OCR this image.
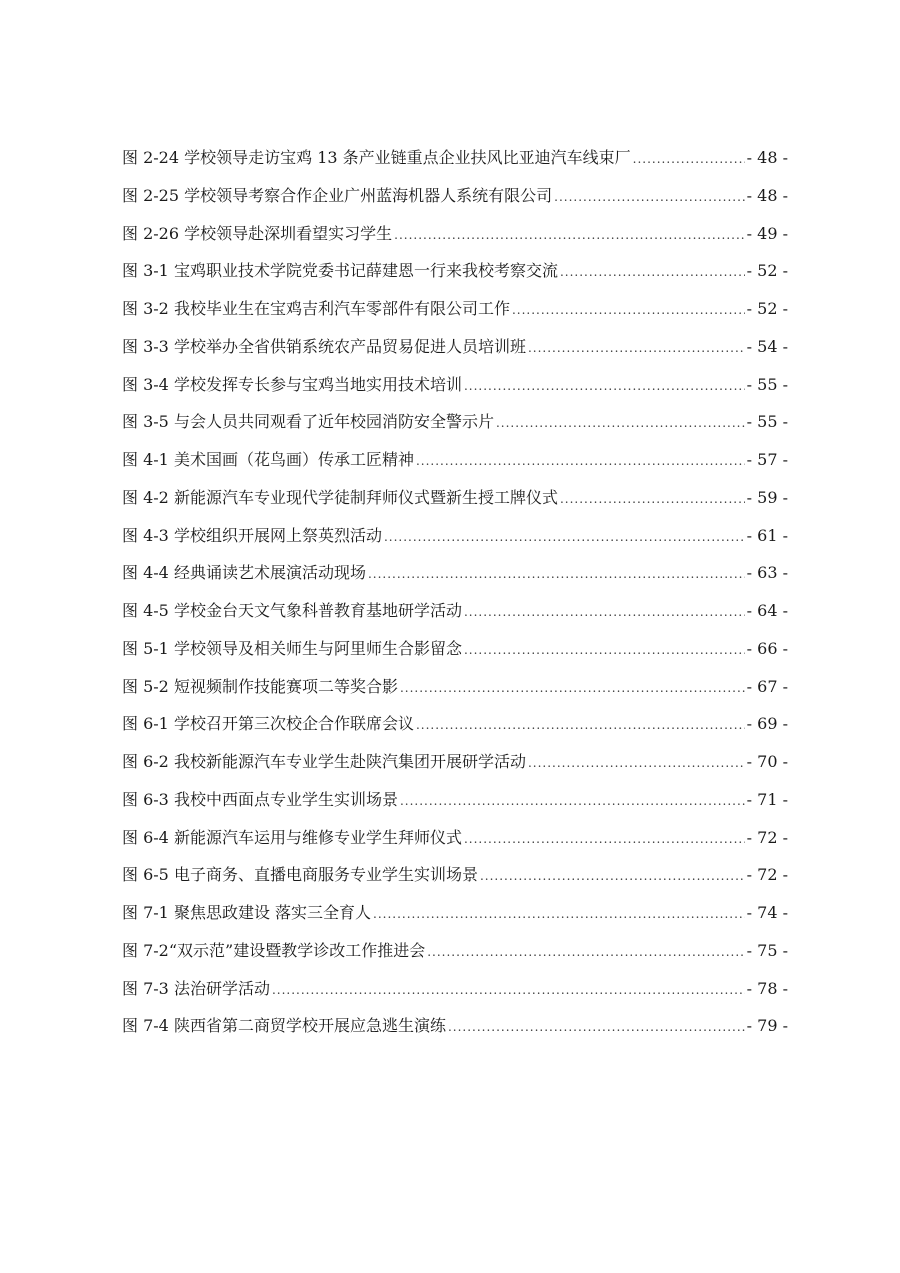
图 2-24 学校领导走访宝鸡 13 条产业链重点企业扶风比亚迪汽车线束厂 .....	- 48 -
图 2-25 学校领导考察合作企业广州蓝海机器人系统有限公司 .....	- 48 -
图 2-26 学校领导赴深圳看望实习学生 .....	- 49 -
图 3-1 宝鸡职业技术学院党委书记薛建恩一行来我校考察交流 .....	- 52 -
图 3-2 我校毕业生在宝鸡吉利汽车零部件有限公司工作 .....	- 52 -
图 3-3 学校举办全省供销系统农产品贸易促进人员培训班 .....	- 54 -
图 3-4 学校发挥专长参与宝鸡当地实用技术培训 .....	- 55 -
图 3-5 与会人员共同观看了近年校园消防安全警示片 .....	- 55 -
图 4-1 美术国画（花鸟画）传承工匠精神 .....	- 57 -
图 4-2 新能源汽车专业现代学徒制拜师仪式暨新生授工牌仪式 .....	- 59 -
图 4-3 学校组织开展网上祭英烈活动 .....	- 61 -
图 4-4 经典诵读艺术展演活动现场 .....	- 63 -
图 4-5 学校金台天文气象科普教育基地研学活动 .....	- 64 -
图 5-1 学校领导及相关师生与阿里师生合影留念 .....	- 66 -
图 5-2 短视频制作技能赛项二等奖合影 .....	- 67 -
图 6-1 学校召开第三次校企合作联席会议 .....	- 69 -
图 6-2 我校新能源汽车专业学生赴陕汽集团开展研学活动 .....	- 70 -
图 6-3 我校中西面点专业学生实训场景 .....	- 71 -
图 6-4 新能源汽车运用与维修专业学生拜师仪式 .....	- 72 -
图 6-5 电子商务、直播电商服务专业学生实训场景 .....	- 72 -
图 7-1 聚焦思政建设 落实三全育人 .....	- 74 -
图 7-2“双示范”建设暨教学诊改工作推进会 .....	- 75 -
图 7-3 法治研学活动 .....	- 78 -
图 7-4 陕西省第二商贸学校开展应急逃生演练 .....	- 79 -
